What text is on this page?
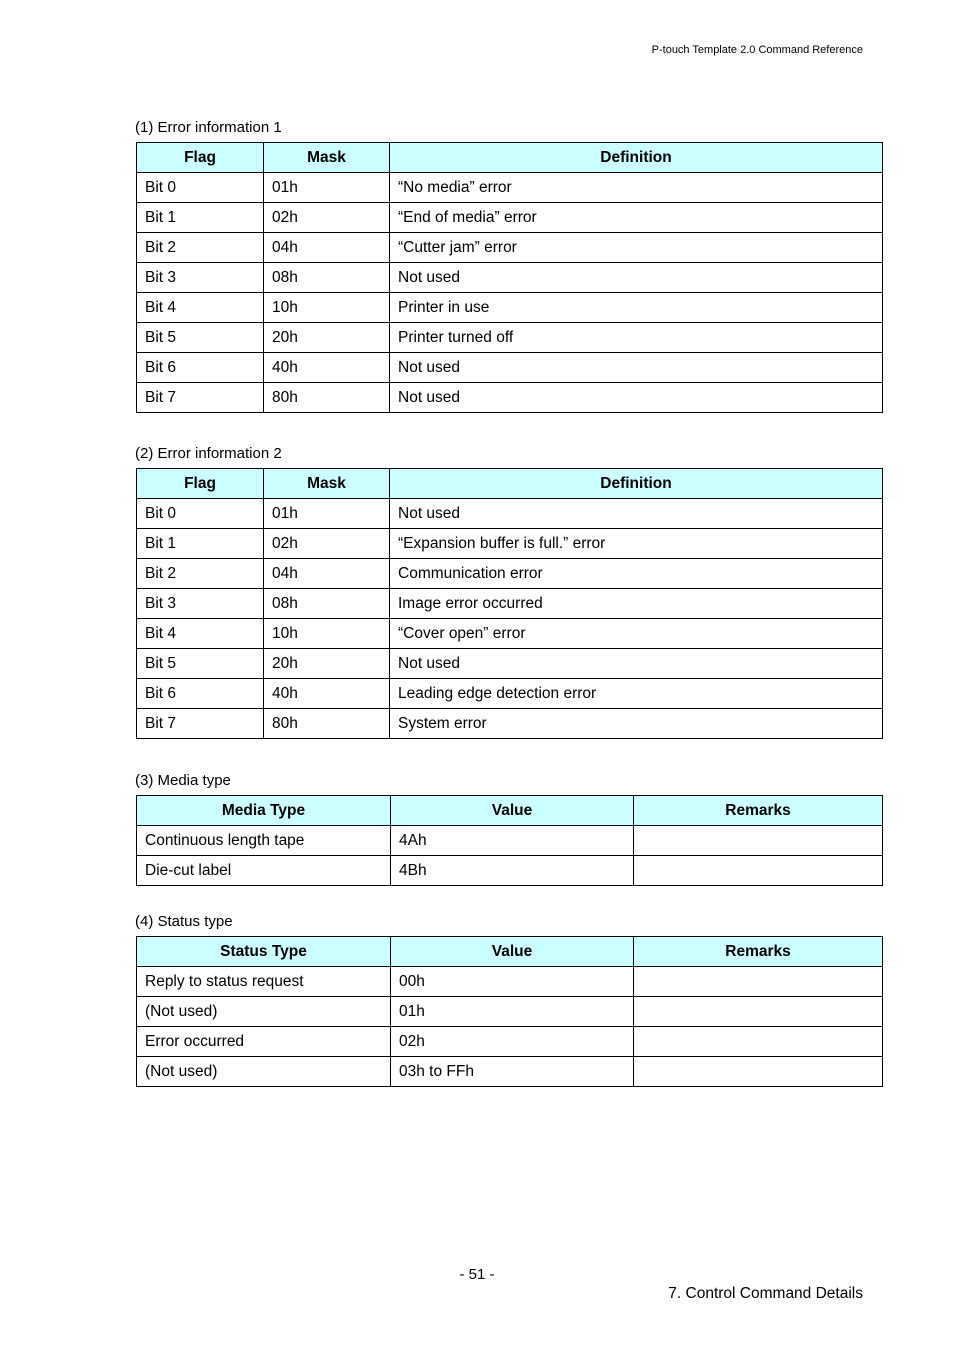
P-touch Template 2.0 Command Reference
(1) Error information 1
Flag	Mask	Definition
Bit 0	01h	“No media” error
Bit 1	02h	“End of media” error
Bit 2	04h	“Cutter jam” error
Bit 3	08h	Not used
Bit 4	10h	Printer in use
Bit 5	20h	Printer turned off
Bit 6	40h	Not used
Bit 7	80h	Not used
(2) Error information 2
Flag	Mask	Definition
Bit 0	01h	Not used
Bit 1	02h	“Expansion buffer is full.” error
Bit 2	04h	Communication error
Bit 3	08h	Image error occurred
Bit 4	10h	“Cover open” error
Bit 5	20h	Not used
Bit 6	40h	Leading edge detection error
Bit 7	80h	System error
(3) Media type
Media Type	Value	Remarks
Continuous length tape	4Ah	
Die-cut label	4Bh	
(4) Status type
Status Type	Value	Remarks
Reply to status request	00h	
(Not used)	01h	
Error occurred	02h	
(Not used)	03h to FFh	
- 51 -
7. Control Command Details
